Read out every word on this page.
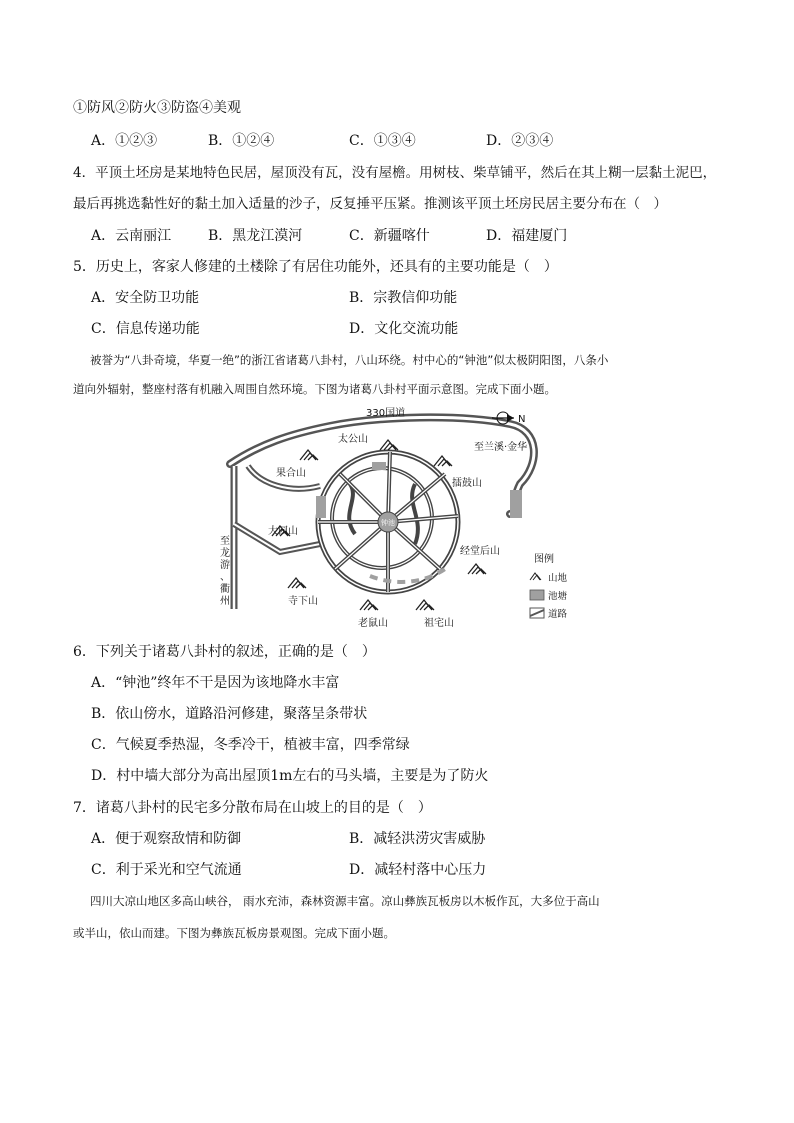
①防风②防火③防盗④美观
A．①②③	B．①②④	C．①③④	D．②③④
4．平顶土坯房是某地特色民居，屋顶没有瓦，没有屋檐。用树枝、柴草铺平，然后在其上糊一层黏土泥巴，
最后再挑选黏性好的黏土加入适量的沙子，反复捶平压紧。推测该平顶土坯房民居主要分布在（　）
A．云南丽江	B．黑龙江漠河	C．新疆喀什	D．福建厦门
5．历史上，客家人修建的土楼除了有居住功能外，还具有的主要功能是（　）
A．安全防卫功能	B．宗教信仰功能
C．信息传递功能	D．文化交流功能
被誉为“八卦奇境，华夏一绝”的浙江省诸葛八卦村，八山环绕。村中心的“钟池”似太极阴阳图，八条小
道向外辐射，整座村落有机融入周围自然环境。下图为诸葛八卦村平面示意图。完成下面小题。
钟池
太公山
果合山
擂鼓山
大园山
经堂后山
寺下山
老鼠山	祖宅山
330国道
至兰溪·金华
至
龙
游
、
衢
州
N
图例
山地
池塘
道路
6．下列关于诸葛八卦村的叙述，正确的是（　）
A．“钟池”终年不干是因为该地降水丰富
B．依山傍水，道路沿河修建，聚落呈条带状
C．气候夏季热湿，冬季冷干，植被丰富，四季常绿
D．村中墙大部分为高出屋顶1m左右的马头墙，主要是为了防火
7．诸葛八卦村的民宅多分散布局在山坡上的目的是（　）
A．便于观察敌情和防御	B．减轻洪涝灾害威胁
C．利于采光和空气流通	D．减轻村落中心压力
四川大凉山地区多高山峡谷， 雨水充沛，森林资源丰富。凉山彝族瓦板房以木板作瓦，大多位于高山
或半山，依山而建。下图为彝族瓦板房景观图。完成下面小题。
